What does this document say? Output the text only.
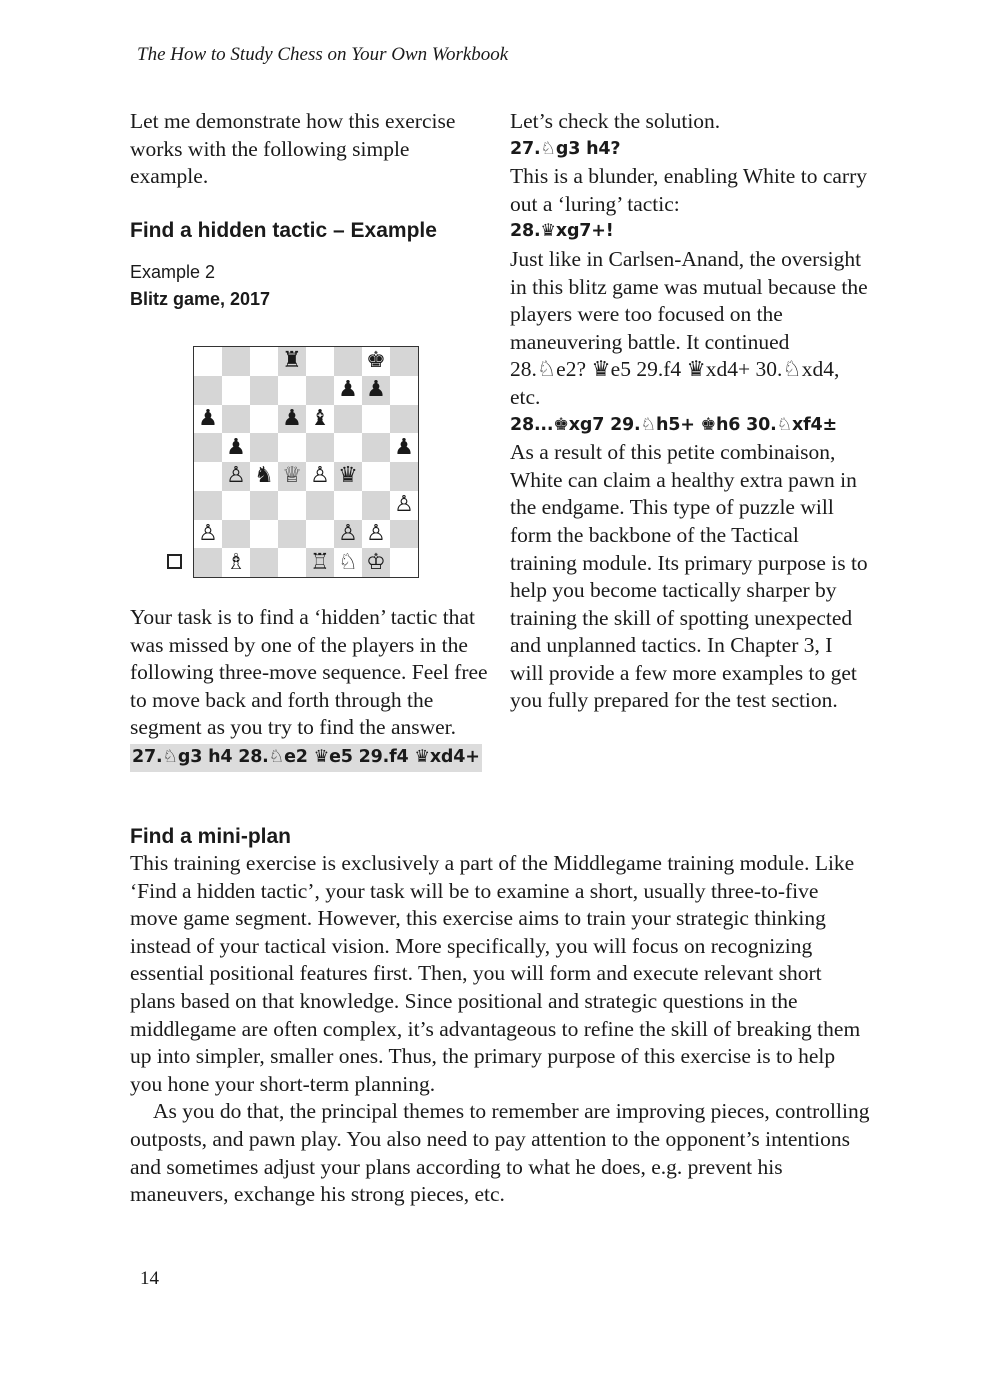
The How to Study Chess on Your Own Workbook

Let me demonstrate how this exercise works with the following simple example.

Find a hidden tactic – Example

Example 2

Blitz game, 2017

♜	♚
♟ ♟
♟	♟ ♝
♟	♟
♙ ♞ ♕ ♙ ♛
♙
♙	♙ ♙
♗	♖ ♘ ♔

Your task is to find a ‘hidden’ tactic that was missed by one of the players in the following three-move sequence. Feel free to move back and forth through the segment as you try to find the answer.

27.♘g3 h4 28.♘e2 ♛e5 29.f4 ♛xd4+

Let’s check the solution.

27.♘g3 h4?

This is a blunder, enabling White to carry out a ‘luring’ tactic:

28.♛xg7+!

Just like in Carlsen-Anand, the oversight in this blitz game was mutual because the players were too focused on the maneuvering battle. It continued 28.♘e2? ♛e5 29.f4 ♛xd4+ 30.♘xd4, etc.

28...♚xg7 29.♘h5+ ♚h6 30.♘xf4±

As a result of this petite combinaison, White can claim a healthy extra pawn in the endgame. This type of puzzle will form the backbone of the Tactical training module. Its primary purpose is to help you become tactically sharper by training the skill of spotting unexpected and unplanned tactics. In Chapter 3, I will provide a few more examples to get you fully prepared for the test section.

Find a mini-plan

This training exercise is exclusively a part of the Middlegame training module. Like ‘Find a hidden tactic’, your task will be to examine a short, usually three-to-five move game segment. However, this exercise aims to train your strategic thinking instead of your tactical vision. More specifically, you will focus on recognizing essential positional features first. Then, you will form and execute relevant short plans based on that knowledge. Since positional and strategic questions in the middlegame are often complex, it’s advantageous to refine the skill of breaking them up into simpler, smaller ones. Thus, the primary purpose of this exercise is to help you hone your short-term planning.

As you do that, the principal themes to remember are improving pieces, controlling outposts, and pawn play. You also need to pay attention to the opponent’s intentions and sometimes adjust your plans according to what he does, e.g. prevent his maneuvers, exchange his strong pieces, etc.

14
